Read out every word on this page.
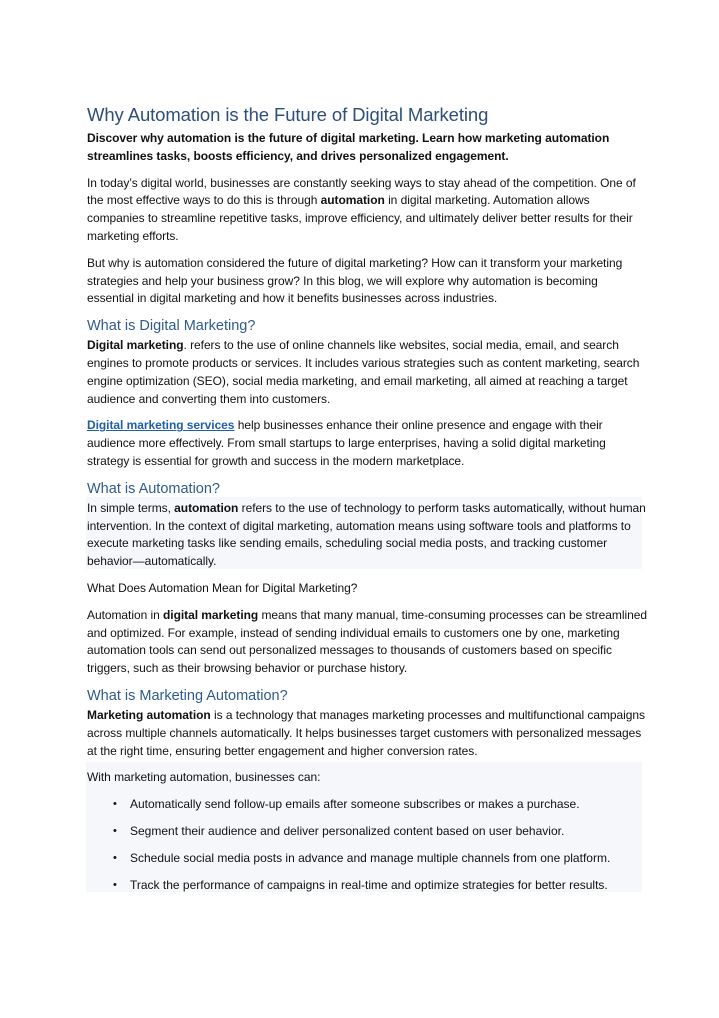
Why Automation is the Future of Digital Marketing

Discover why automation is the future of digital marketing. Learn how marketing automation streamlines tasks, boosts efficiency, and drives personalized engagement.

In today’s digital world, businesses are constantly seeking ways to stay ahead of the competition. One of the most effective ways to do this is through automation in digital marketing. Automation allows companies to streamline repetitive tasks, improve efficiency, and ultimately deliver better results for their marketing efforts.

But why is automation considered the future of digital marketing? How can it transform your marketing strategies and help your business grow? In this blog, we will explore why automation is becoming essential in digital marketing and how it benefits businesses across industries.

What is Digital Marketing?

Digital marketing. refers to the use of online channels like websites, social media, email, and search engines to promote products or services. It includes various strategies such as content marketing, search engine optimization (SEO), social media marketing, and email marketing, all aimed at reaching a target audience and converting them into customers.

Digital marketing services help businesses enhance their online presence and engage with their audience more effectively. From small startups to large enterprises, having a solid digital marketing strategy is essential for growth and success in the modern marketplace.

What is Automation?

In simple terms, automation refers to the use of technology to perform tasks automatically, without human intervention. In the context of digital marketing, automation means using software tools and platforms to execute marketing tasks like sending emails, scheduling social media posts, and tracking customer behavior—automatically.

What Does Automation Mean for Digital Marketing?

Automation in digital marketing means that many manual, time-consuming processes can be streamlined and optimized. For example, instead of sending individual emails to customers one by one, marketing automation tools can send out personalized messages to thousands of customers based on specific triggers, such as their browsing behavior or purchase history.

What is Marketing Automation?

Marketing automation is a technology that manages marketing processes and multifunctional campaigns across multiple channels automatically. It helps businesses target customers with personalized messages at the right time, ensuring better engagement and higher conversion rates.

With marketing automation, businesses can:

• Automatically send follow-up emails after someone subscribes or makes a purchase.
• Segment their audience and deliver personalized content based on user behavior.
• Schedule social media posts in advance and manage multiple channels from one platform.
• Track the performance of campaigns in real-time and optimize strategies for better results.
